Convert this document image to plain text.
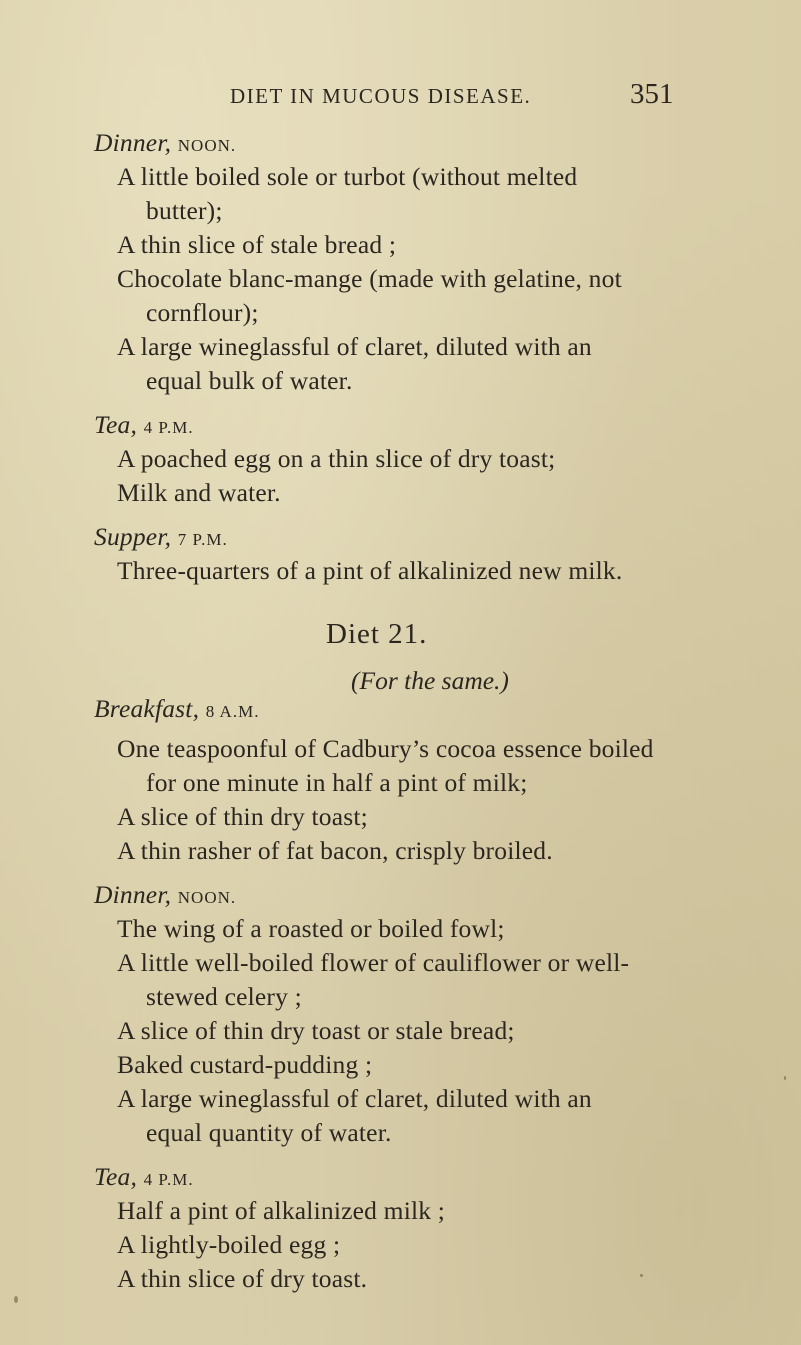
DIET IN MUCOUS DISEASE.	351
Dinner, NOON.
A little boiled sole or turbot (without melted
butter);
A thin slice of stale bread ;
Chocolate blanc-mange (made with gelatine, not
cornflour);
A large wineglassful of claret, diluted with an
equal bulk of water.
Tea, 4 P.M.
A poached egg on a thin slice of dry toast;
Milk and water.
Supper, 7 P.M.
Three-quarters of a pint of alkalinized new milk.
Diet 21.
(For the same.)
Breakfast, 8 A.M.
One teaspoonful of Cadbury’s cocoa essence boiled
for one minute in half a pint of milk;
A slice of thin dry toast;
A thin rasher of fat bacon, crisply broiled.
Dinner, NOON.
The wing of a roasted or boiled fowl;
A little well-boiled flower of cauliflower or well-
stewed celery ;
A slice of thin dry toast or stale bread;
Baked custard-pudding ;
A large wineglassful of claret, diluted with an
equal quantity of water.
Tea, 4 P.M.
Half a pint of alkalinized milk ;
A lightly-boiled egg ;
A thin slice of dry toast.
